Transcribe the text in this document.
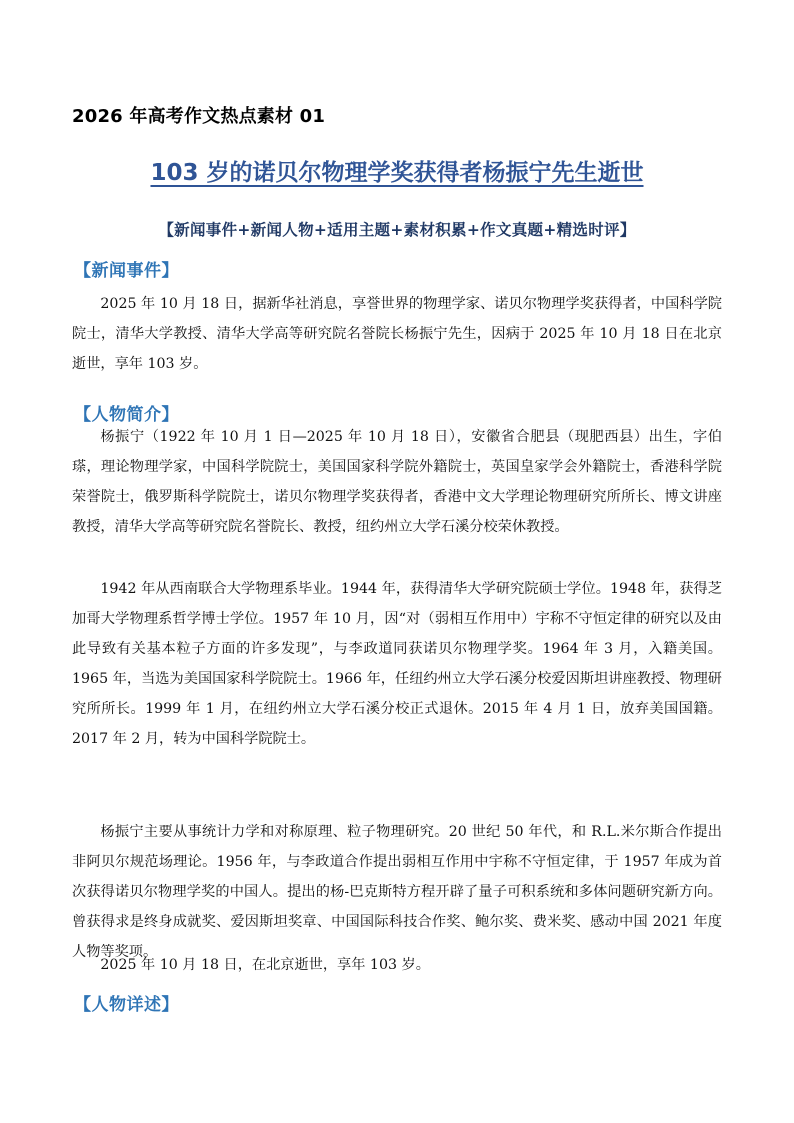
2026 年高考作文热点素材 01
103 岁的诺贝尔物理学奖获得者杨振宁先生逝世
【新闻事件+新闻人物+适用主题+素材积累+作文真题+精选时评】
【新闻事件】

2025 年 10 月 18 日，据新华社消息，享誉世界的物理学家、诺贝尔物理学奖获得者，中国科学院院士，清华大学教授、清华大学高等研究院名誉院长杨振宁先生，因病于 2025 年 10 月 18 日在北京逝世，享年 103 岁。

【人物简介】

杨振宁（1922 年 10 月 1 日—2025 年 10 月 18 日），安徽省合肥县（现肥西县）出生，字伯瑹，理论物理学家，中国科学院院士，美国国家科学院外籍院士，英国皇家学会外籍院士，香港科学院荣誉院士，俄罗斯科学院院士，诺贝尔物理学奖获得者，香港中文大学理论物理研究所所长、博文讲座教授，清华大学高等研究院名誉院长、教授，纽约州立大学石溪分校荣休教授。

1942 年从西南联合大学物理系毕业。1944 年，获得清华大学研究院硕士学位。1948 年，获得芝加哥大学物理系哲学博士学位。1957 年 10 月，因“对（弱相互作用中）宇称不守恒定律的研究以及由此导致有关基本粒子方面的许多发现”，与李政道同获诺贝尔物理学奖。1964 年 3 月，入籍美国。1965 年，当选为美国国家科学院院士。1966 年，任纽约州立大学石溪分校爱因斯坦讲座教授、物理研究所所长。1999 年 1 月，在纽约州立大学石溪分校正式退休。2015 年 4 月 1 日，放弃美国国籍。2017 年 2 月，转为中国科学院院士。

杨振宁主要从事统计力学和对称原理、粒子物理研究。20 世纪 50 年代，和 R.L.米尔斯合作提出非阿贝尔规范场理论。1956 年，与李政道合作提出弱相互作用中宇称不守恒定律，于 1957 年成为首次获得诺贝尔物理学奖的中国人。提出的杨-巴克斯特方程开辟了量子可积系统和多体问题研究新方向。曾获得求是终身成就奖、爱因斯坦奖章、中国国际科技合作奖、鲍尔奖、费米奖、感动中国 2021 年度人物等奖项。

2025 年 10 月 18 日，在北京逝世，享年 103 岁。

【人物详述】
